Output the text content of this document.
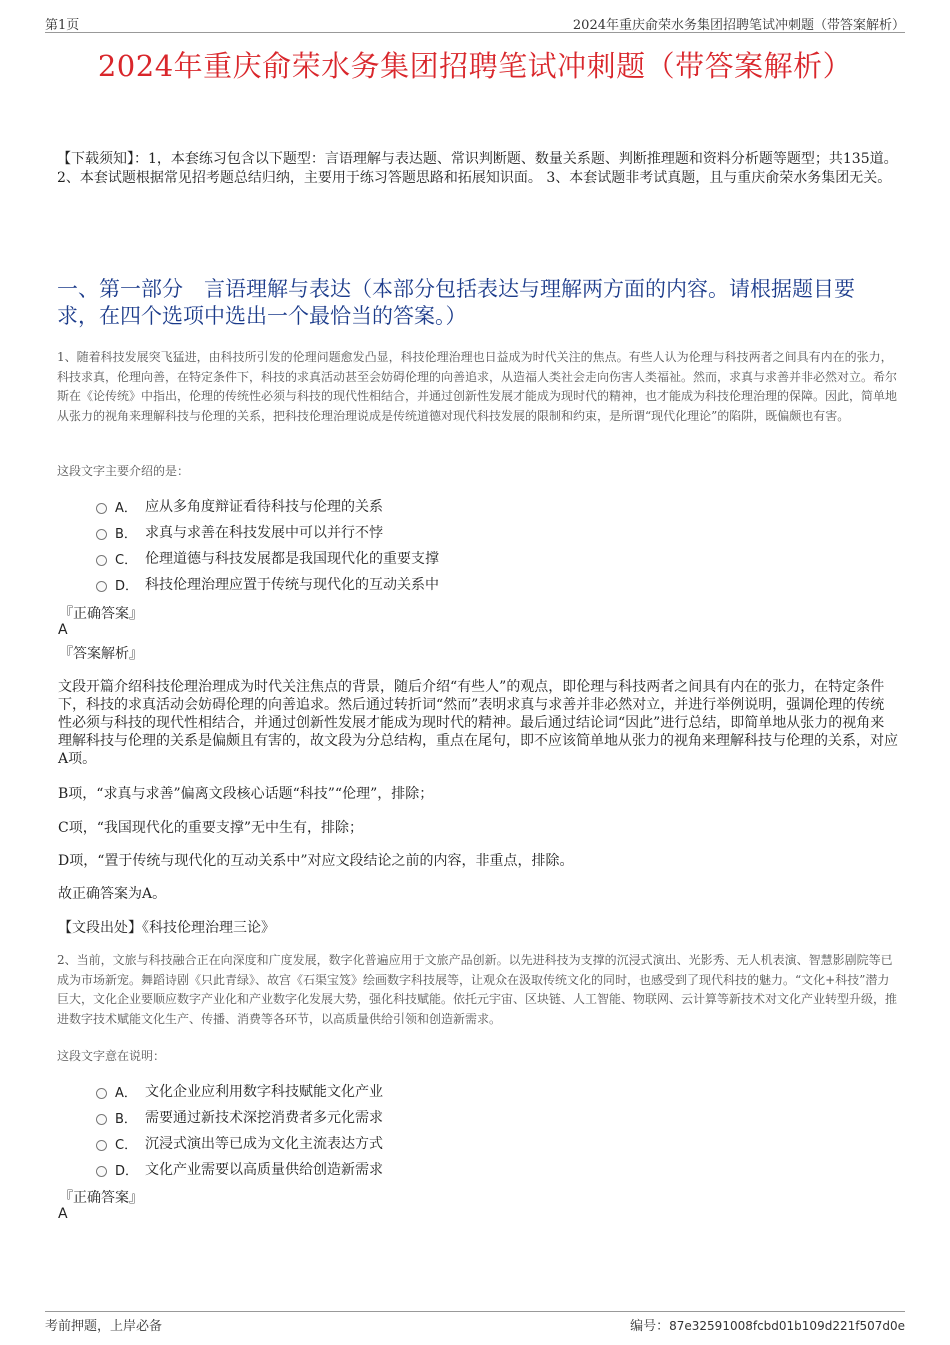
第1页	2024年重庆俞荣水务集团招聘笔试冲刺题（带答案解析）
2024年重庆俞荣水务集团招聘笔试冲刺题（带答案解析）
【下载须知】：1，本套练习包含以下题型：言语理解与表达题、常识判断题、数量关系题、判断推理题和资料分析题等题型；共135道。 2、本套试题根据常见招考题总结归纳，主要用于练习答题思路和拓展知识面。 3、本套试题非考试真题，且与重庆俞荣水务集团无关。
一、第一部分　言语理解与表达（本部分包括表达与理解两方面的内容。请根据题目要求，在四个选项中选出一个最恰当的答案。）
1、随着科技发展突飞猛进，由科技所引发的伦理问题愈发凸显，科技伦理治理也日益成为时代关注的焦点。有些人认为伦理与科技两者之间具有内在的张力，科技求真，伦理向善，在特定条件下，科技的求真活动甚至会妨碍伦理的向善追求，从造福人类社会走向伤害人类福祉。然而，求真与求善并非必然对立。希尔斯在《论传统》中指出，伦理的传统性必须与科技的现代性相结合，并通过创新性发展才能成为现时代的精神，也才能成为科技伦理治理的保障。因此，简单地从张力的视角来理解科技与伦理的关系，把科技伦理治理说成是传统道德对现代科技发展的限制和约束，是所谓“现代化理论”的陷阱，既偏颇也有害。
这段文字主要介绍的是：
A． 应从多角度辩证看待科技与伦理的关系
B． 求真与求善在科技发展中可以并行不悖
C． 伦理道德与科技发展都是我国现代化的重要支撑
D． 科技伦理治理应置于传统与现代化的互动关系中
『正确答案』
A
『答案解析』
文段开篇介绍科技伦理治理成为时代关注焦点的背景，随后介绍“有些人”的观点，即伦理与科技两者之间具有内在的张力，在特定条件下，科技的求真活动会妨碍伦理的向善追求。然后通过转折词“然而”表明求真与求善并非必然对立，并进行举例说明，强调伦理的传统性必须与科技的现代性相结合，并通过创新性发展才能成为现时代的精神。最后通过结论词“因此”进行总结，即简单地从张力的视角来理解科技与伦理的关系是偏颇且有害的，故文段为分总结构，重点在尾句，即不应该简单地从张力的视角来理解科技与伦理的关系，对应A项。
B项，“求真与求善”偏离文段核心话题“科技”“伦理”，排除；
C项，“我国现代化的重要支撑”无中生有，排除；
D项，“置于传统与现代化的互动关系中”对应文段结论之前的内容，非重点，排除。
故正确答案为A。
【文段出处】《科技伦理治理三论》
2、当前，文旅与科技融合正在向深度和广度发展，数字化普遍应用于文旅产品创新。以先进科技为支撑的沉浸式演出、光影秀、无人机表演、智慧影剧院等已成为市场新宠。舞蹈诗剧《只此青绿》、故宫《石渠宝笈》绘画数字科技展等，让观众在汲取传统文化的同时，也感受到了现代科技的魅力。“文化+科技”潜力巨大，文化企业要顺应数字产业化和产业数字化发展大势，强化科技赋能。依托元宇宙、区块链、人工智能、物联网、云计算等新技术对文化产业转型升级，推进数字技术赋能文化生产、传播、消费等各环节，以高质量供给引领和创造新需求。
这段文字意在说明：
A． 文化企业应利用数字科技赋能文化产业
B． 需要通过新技术深挖消费者多元化需求
C． 沉浸式演出等已成为文化主流表达方式
D． 文化产业需要以高质量供给创造新需求
『正确答案』
A
考前押题，上岸必备	编号：87e32591008fcbd01b109d221f507d0e
